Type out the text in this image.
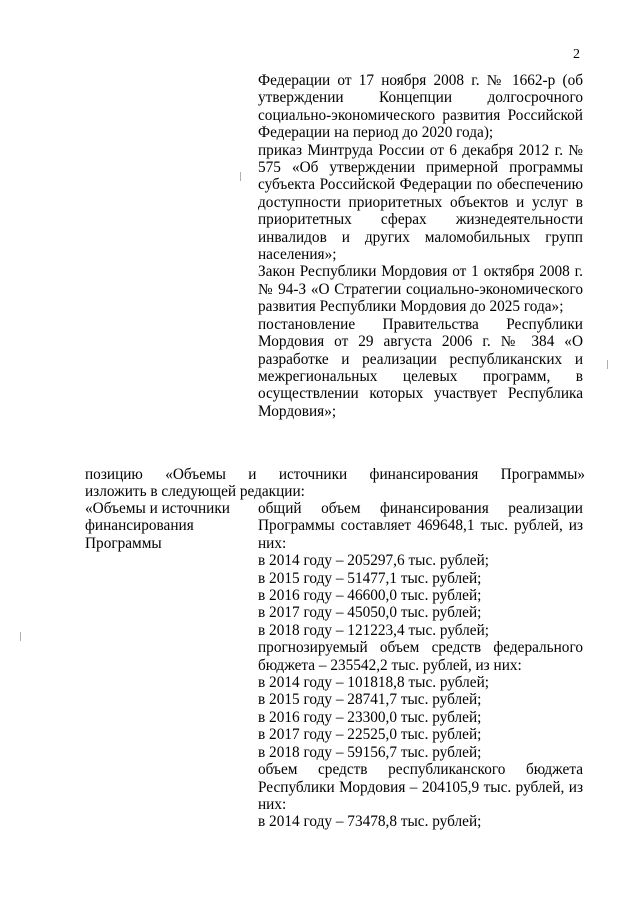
2
Федерации от 17 ноября 2008 г. № 1662-р (об утверждении Концепции долгосрочного социально-экономического развития Российской Федерации на период до 2020 года);
приказ Минтруда России от 6 декабря 2012 г. № 575 «Об утверждении примерной программы субъекта Российской Федерации по обеспечению доступности приоритетных объектов и услуг в приоритетных сферах жизнедеятельности инвалидов и других маломобильных групп населения»;
Закон Республики Мордовия от 1 октября 2008 г. № 94-З «О Стратегии социально-экономического развития Республики Мордовия до 2025 года»;
постановление Правительства Республики Мордовия от 29 августа 2006 г. № 384 «О разработке и реализации республиканских и межрегиональных целевых программ, в осуществлении которых участвует Республика Мордовия»;
позицию «Объемы и источники финансирования Программы»
изложить в следующей редакции:
«Объемы и источники финансирования Программы
общий объем финансирования реализации Программы составляет 469648,1 тыс. рублей, из них:
в 2014 году – 205297,6 тыс. рублей;
в 2015 году – 51477,1 тыс. рублей;
в 2016 году – 46600,0 тыс. рублей;
в 2017 году – 45050,0 тыс. рублей;
в 2018 году – 121223,4 тыс. рублей;
прогнозируемый объем средств федерального бюджета – 235542,2 тыс. рублей, из них:
в 2014 году – 101818,8 тыс. рублей;
в 2015 году – 28741,7 тыс. рублей;
в 2016 году – 23300,0 тыс. рублей;
в 2017 году – 22525,0 тыс. рублей;
в 2018 году – 59156,7 тыс. рублей;
объем средств республиканского бюджета Республики Мордовия – 204105,9 тыс. рублей, из них:
в 2014 году – 73478,8 тыс. рублей;
